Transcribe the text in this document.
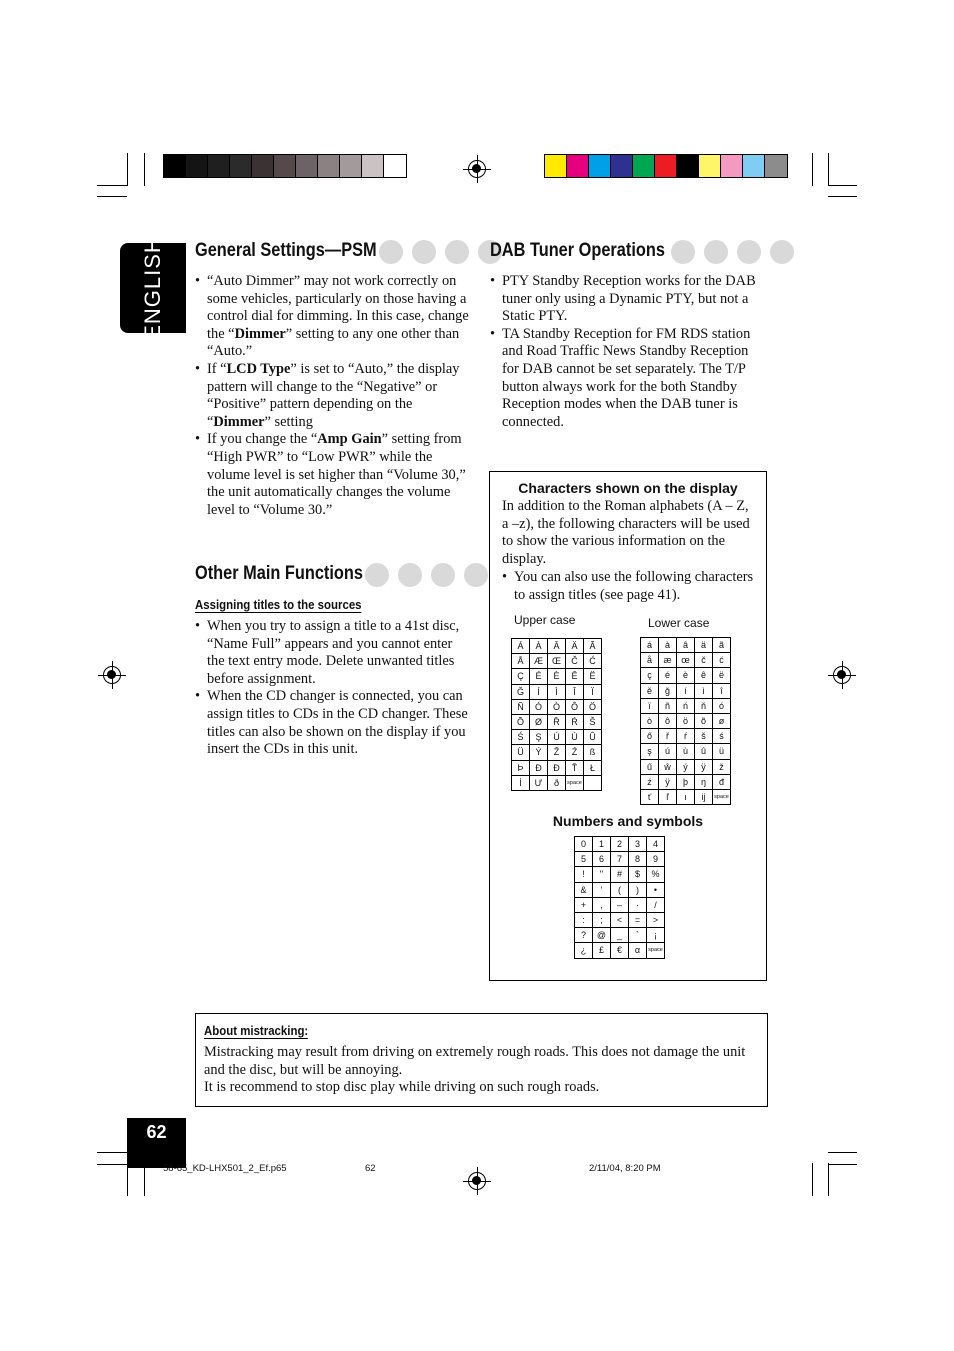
ENGLISH General Settings—PSM
• “Auto Dimmer” may not work correctly on some vehicles, particularly on those having a control dial for dimming. In this case, change the “Dimmer” setting to any one other than “Auto.”
• If “LCD Type” is set to “Auto,” the display pattern will change to the “Negative” or “Positive” pattern depending on the “Dimmer” setting
• If you change the “Amp Gain” setting from “High PWR” to “Low PWR” while the volume level is set higher than “Volume 30,” the unit automatically changes the volume level to “Volume 30.”
Other Main Functions
Assigning titles to the sources
• When you try to assign a title to a 41st disc, “Name Full” appears and you cannot enter the text entry mode. Delete unwanted titles before assignment.
• When the CD changer is connected, you can assign titles to CDs in the CD changer. These titles can also be shown on the display if you insert the CDs in this unit.
DAB Tuner Operations
• PTY Standby Reception works for the DAB tuner only using a Dynamic PTY, but not a Static PTY.
• TA Standby Reception for FM RDS station and Road Traffic News Standby Reception for DAB cannot be set separately. The T/P button always work for the both Standby Reception modes when the DAB tuner is connected.
Characters shown on the display
In addition to the Roman alphabets (A – Z, a –z), the following characters will be used to show the various information on the display.
• You can also use the following characters to assign titles (see page 41).
Upper case	Lower case
Á	À	Â	Ä	Ã
Å	Æ	Œ	Č	Ć
Ç	É	È	Ê	Ë
Ğ	Í	Ì	Î	Ï
Ñ	Ó	Ò	Ô	Ö
Õ	Ø	Ř	Ŕ	Š
Ś	Ş	Ú	Ù	Û
Ü	Ý	Ž	Ź	ß
Þ	Đ	Ð	Ť	Ł
İ	Ư	ð	space	
á	à	â	ä	ã
å	æ	œ	č	ć
ç	é	è	ê	ë
ě	ğ	í	ì	î
ï	ñ	ń	ň	ó
ò	ô	ö	õ	ø
ő	ř	ŕ	š	ś
ş	ú	ù	û	ü
ű	ŵ	ý	ÿ	ž
ź	ÿ	þ	ŋ	đ
ť	ľ	ı	ij	space
Numbers and symbols
0	1	2	3	4
5	6	7	8	9
!	"	#	$	%
&	'	(	)	•
+	,	–	·	/
:	;	<	=	>
?	@	_	`	¡
¿	£	€	α	space
About mistracking:
Mistracking may result from driving on extremely rough roads. This does not damage the unit and the disc, but will be annoying.
It is recommend to stop disc play while driving on such rough roads.
62
58-65_KD-LHX501_2_Ef.p65	62	2/11/04, 8:20 PM
